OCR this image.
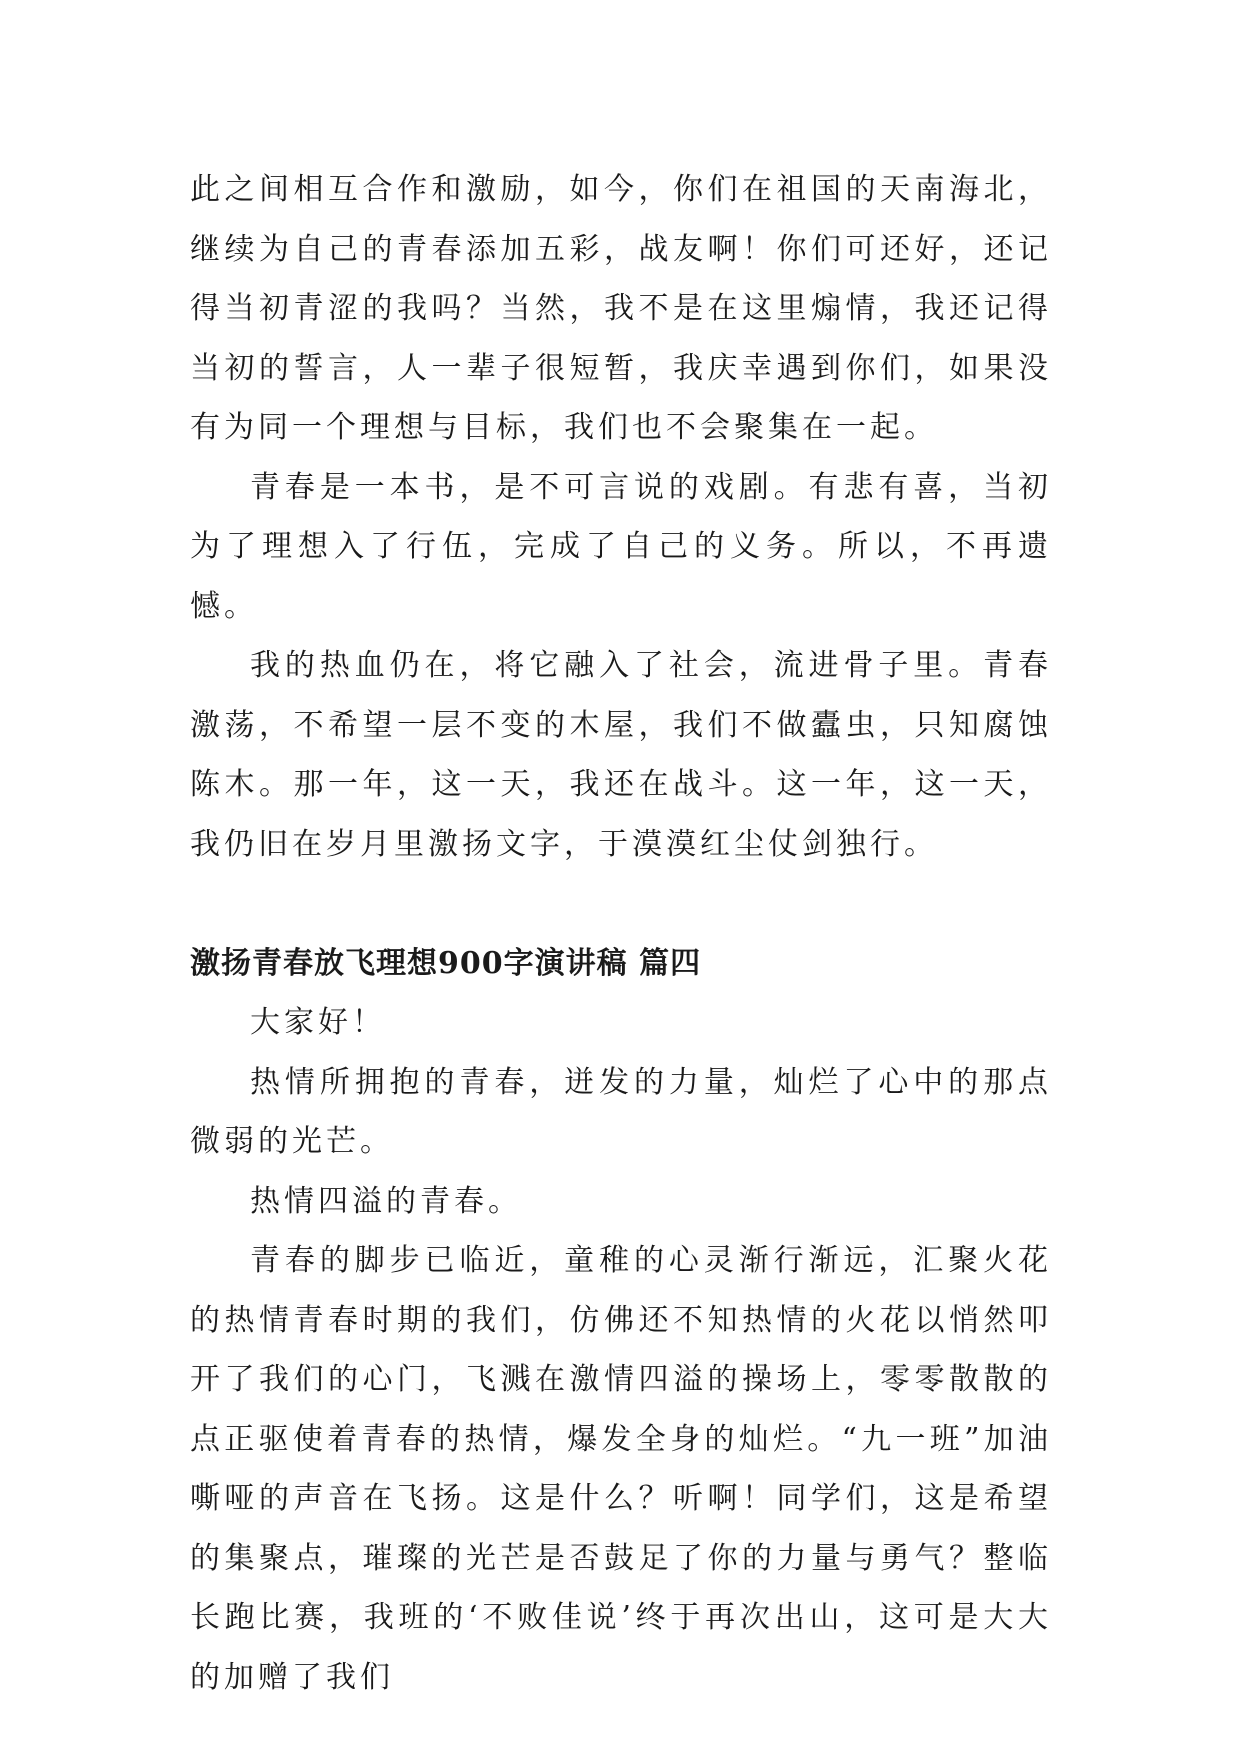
此之间相互合作和激励，如今，你们在祖国的天南海北，继续为自己的青春添加五彩，战友啊！你们可还好，还记得当初青涩的我吗？当然，我不是在这里煽情，我还记得当初的誓言，人一辈子很短暂，我庆幸遇到你们，如果没有为同一个理想与目标，我们也不会聚集在一起。

青春是一本书，是不可言说的戏剧。有悲有喜，当初为了理想入了行伍，完成了自己的义务。所以，不再遗憾。

我的热血仍在，将它融入了社会，流进骨子里。青春激荡，不希望一层不变的木屋，我们不做蠹虫，只知腐蚀陈木。那一年，这一天，我还在战斗。这一年，这一天，我仍旧在岁月里激扬文字，于漠漠红尘仗剑独行。

激扬青春放飞理想900字演讲稿 篇四

大家好！

热情所拥抱的青春，迸发的力量，灿烂了心中的那点微弱的光芒。

热情四溢的青春。

青春的脚步已临近，童稚的心灵渐行渐远，汇聚火花的热情青春时期的我们，仿佛还不知热情的火花以悄然叩开了我们的心门，飞溅在激情四溢的操场上，零零散散的点正驱使着青春的热情，爆发全身的灿烂。“九一班”加油嘶哑的声音在飞扬。这是什么？听啊！同学们，这是希望的集聚点，璀璨的光芒是否鼓足了你的力量与勇气？整临长跑比赛，我班的‘不败佳说’终于再次出山，这可是大大的加赠了我们
